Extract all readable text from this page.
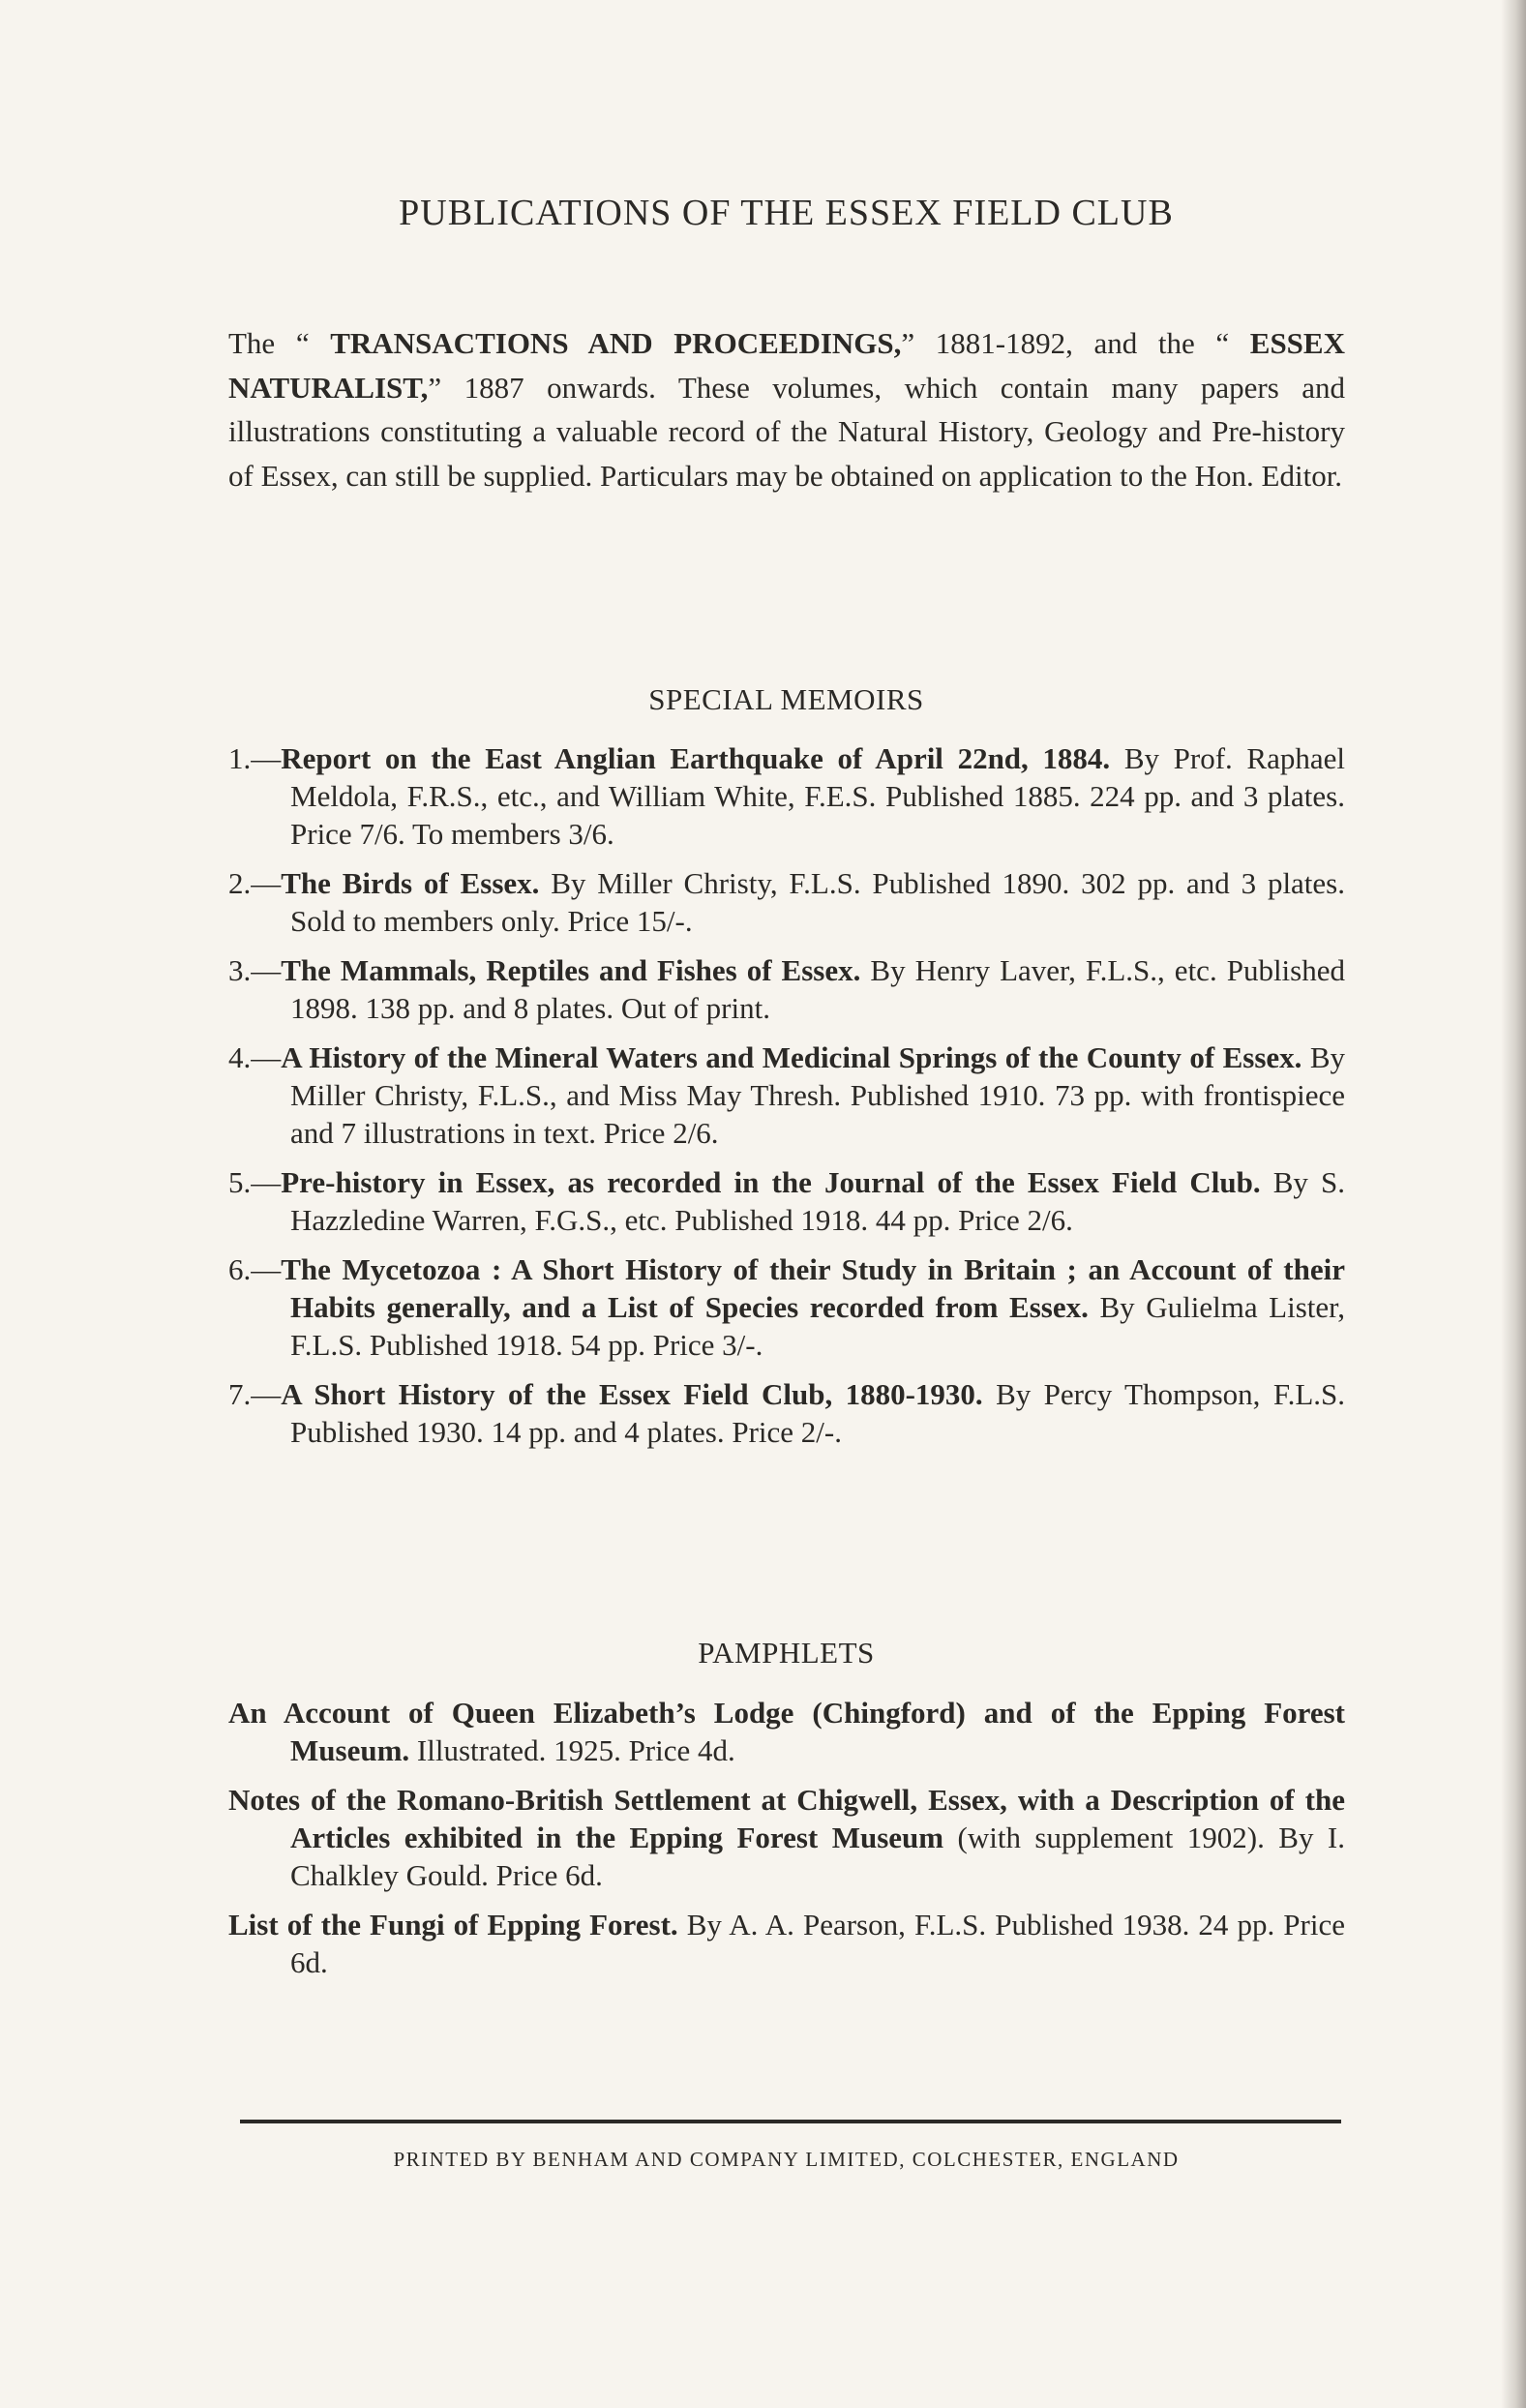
PUBLICATIONS OF THE ESSEX FIELD CLUB

The “ TRANSACTIONS AND PROCEEDINGS,” 1881-1892, and the “ ESSEX NATURALIST,” 1887 onwards. These volumes, which contain many papers and illustrations constituting a valuable record of the Natural History, Geology and Pre-history of Essex, can still be supplied. Particulars may be obtained on application to the Hon. Editor.

SPECIAL MEMOIRS
1.—Report on the East Anglian Earthquake of April 22nd, 1884. By Prof. Raphael Meldola, F.R.S., etc., and William White, F.E.S. Published 1885. 224 pp. and 3 plates. Price 7/6. To members 3/6.
2.—The Birds of Essex. By Miller Christy, F.L.S. Published 1890. 302 pp. and 3 plates. Sold to members only. Price 15/-.
3.—The Mammals, Reptiles and Fishes of Essex. By Henry Laver, F.L.S., etc. Published 1898. 138 pp. and 8 plates. Out of print.
4.—A History of the Mineral Waters and Medicinal Springs of the County of Essex. By Miller Christy, F.L.S., and Miss May Thresh. Published 1910. 73 pp. with frontispiece and 7 illustrations in text. Price 2/6.
5.—Pre-history in Essex, as recorded in the Journal of the Essex Field Club. By S. Hazzledine Warren, F.G.S., etc. Published 1918. 44 pp. Price 2/6.
6.—The Mycetozoa : A Short History of their Study in Britain ; an Account of their Habits generally, and a List of Species recorded from Essex. By Gulielma Lister, F.L.S. Published 1918. 54 pp. Price 3/-.
7.—A Short History of the Essex Field Club, 1880-1930. By Percy Thompson, F.L.S. Published 1930. 14 pp. and 4 plates. Price 2/-.
PAMPHLETS
An Account of Queen Elizabeth’s Lodge (Chingford) and of the Epping Forest Museum. Illustrated. 1925. Price 4d.
Notes of the Romano-British Settlement at Chigwell, Essex, with a Description of the Articles exhibited in the Epping Forest Museum (with supplement 1902). By I. Chalkley Gould. Price 6d.
List of the Fungi of Epping Forest. By A. A. Pearson, F.L.S. Published 1938. 24 pp. Price 6d.

PRINTED BY BENHAM AND COMPANY LIMITED, COLCHESTER, ENGLAND
